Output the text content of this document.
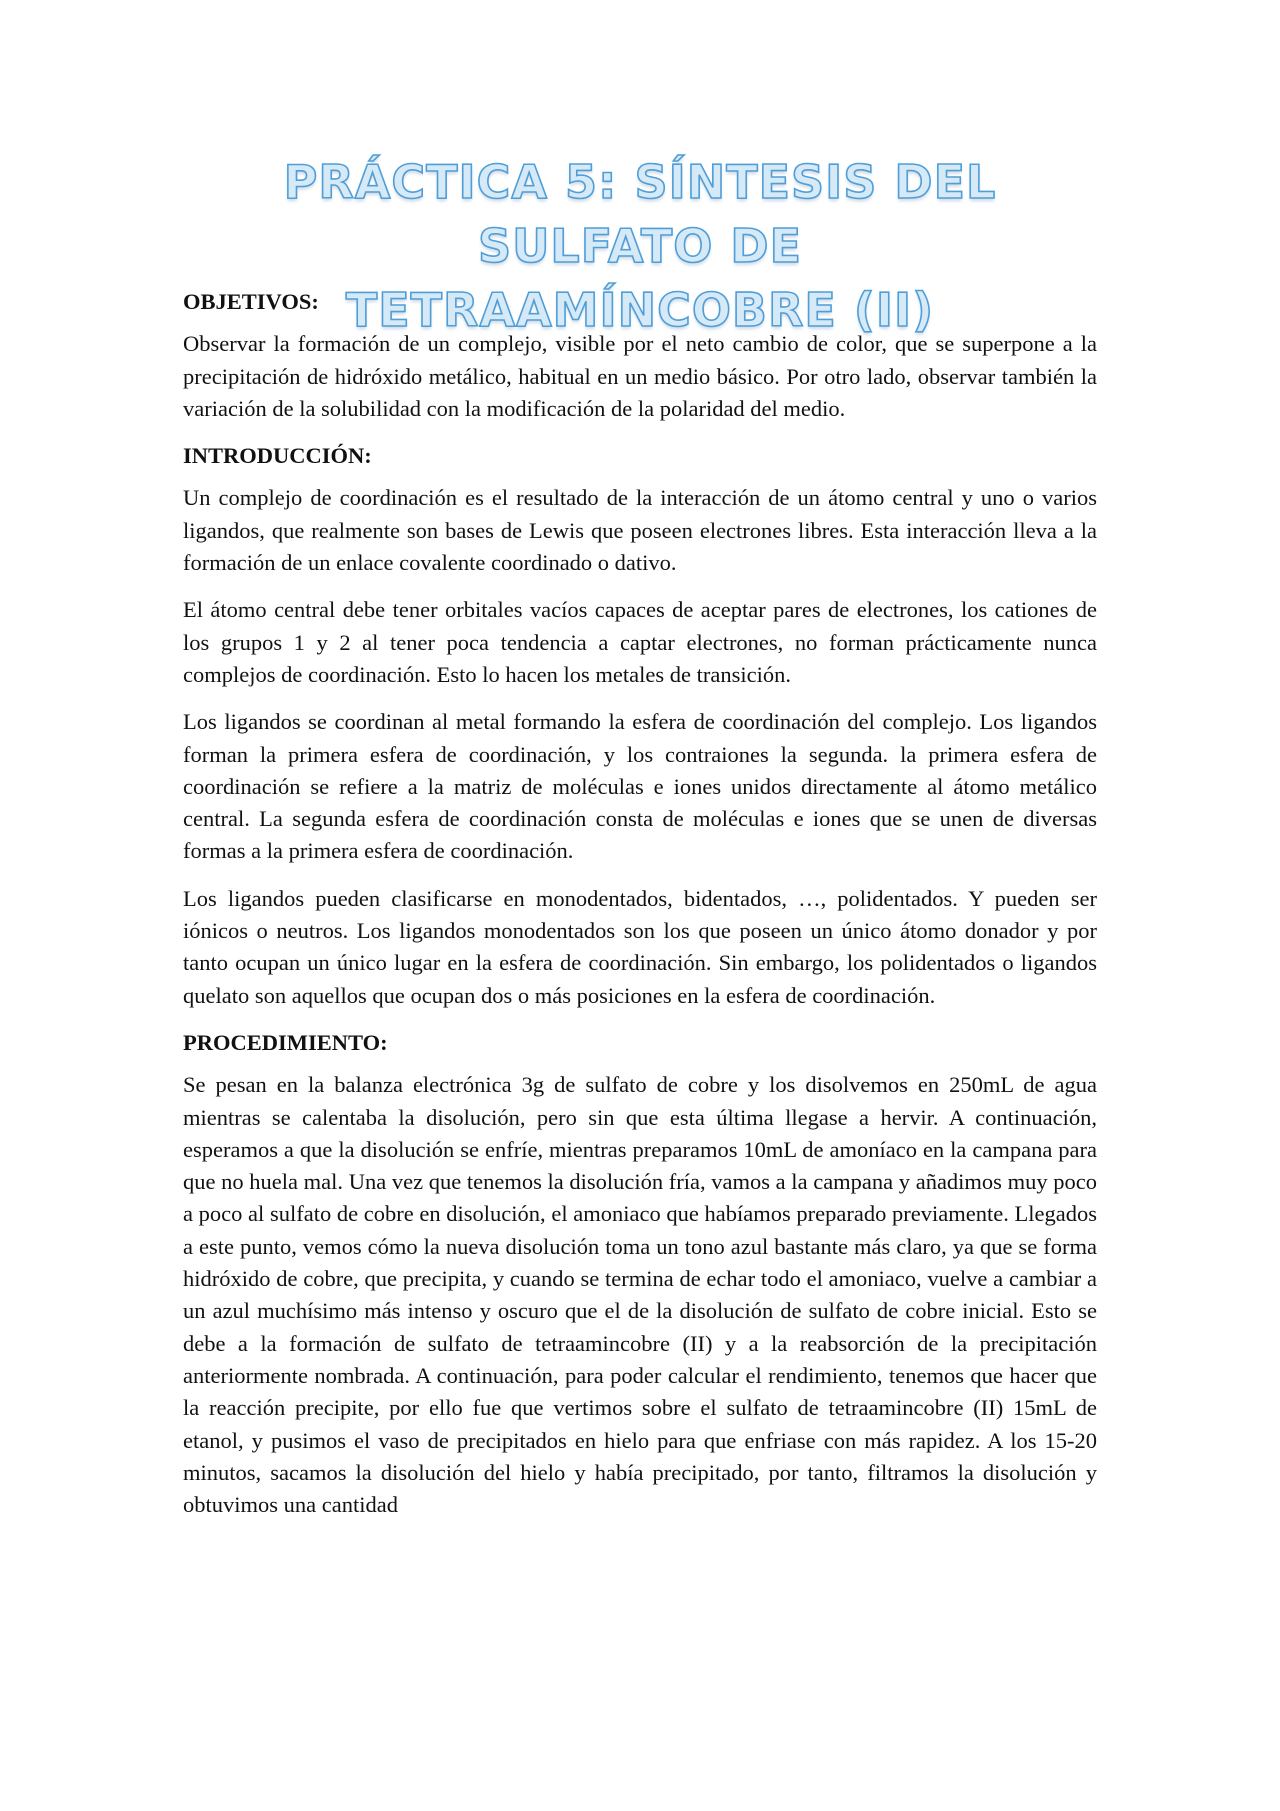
PRÁCTICA 5: SÍNTESIS DEL SULFATO DE
TETRAAMÍNCOBRE (II)

OBJETIVOS:

Observar la formación de un complejo, visible por el neto cambio de color, que se superpone a la precipitación de hidróxido metálico, habitual en un medio básico. Por otro lado, observar también la variación de la solubilidad con la modificación de la polaridad del medio.

INTRODUCCIÓN:

Un complejo de coordinación es el resultado de la interacción de un átomo central y uno o varios ligandos, que realmente son bases de Lewis que poseen electrones libres. Esta interacción lleva a la formación de un enlace covalente coordinado o dativo.

El átomo central debe tener orbitales vacíos capaces de aceptar pares de electrones, los cationes de los grupos 1 y 2 al tener poca tendencia a captar electrones, no forman prácticamente nunca complejos de coordinación. Esto lo hacen los metales de transición.

Los ligandos se coordinan al metal formando la esfera de coordinación del complejo. Los ligandos forman la primera esfera de coordinación, y los contraiones la segunda. la primera esfera de coordinación se refiere a la matriz de moléculas e iones unidos directamente al átomo metálico central. La segunda esfera de coordinación consta de moléculas e iones que se unen de diversas formas a la primera esfera de coordinación.

Los ligandos pueden clasificarse en monodentados, bidentados, …, polidentados. Y pueden ser iónicos o neutros. Los ligandos monodentados son los que poseen un único átomo donador y por tanto ocupan un único lugar en la esfera de coordinación. Sin embargo, los polidentados o ligandos quelato son aquellos que ocupan dos o más posiciones en la esfera de coordinación.

PROCEDIMIENTO:

Se pesan en la balanza electrónica 3g de sulfato de cobre y los disolvemos en 250mL de agua mientras se calentaba la disolución, pero sin que esta última llegase a hervir. A continuación, esperamos a que la disolución se enfríe, mientras preparamos 10mL de amoníaco en la campana para que no huela mal. Una vez que tenemos la disolución fría, vamos a la campana y añadimos muy poco a poco al sulfato de cobre en disolución, el amoniaco que habíamos preparado previamente. Llegados a este punto, vemos cómo la nueva disolución toma un tono azul bastante más claro, ya que se forma hidróxido de cobre, que precipita, y cuando se termina de echar todo el amoniaco, vuelve a cambiar a un azul muchísimo más intenso y oscuro que el de la disolución de sulfato de cobre inicial. Esto se debe a la formación de sulfato de tetraamincobre (II) y a la reabsorción de la precipitación anteriormente nombrada. A continuación, para poder calcular el rendimiento, tenemos que hacer que la reacción precipite, por ello fue que vertimos sobre el sulfato de tetraamincobre (II) 15mL de etanol, y pusimos el vaso de precipitados en hielo para que enfriase con más rapidez. A los 15-20 minutos, sacamos la disolución del hielo y había precipitado, por tanto, filtramos la disolución y obtuvimos una cantidad
